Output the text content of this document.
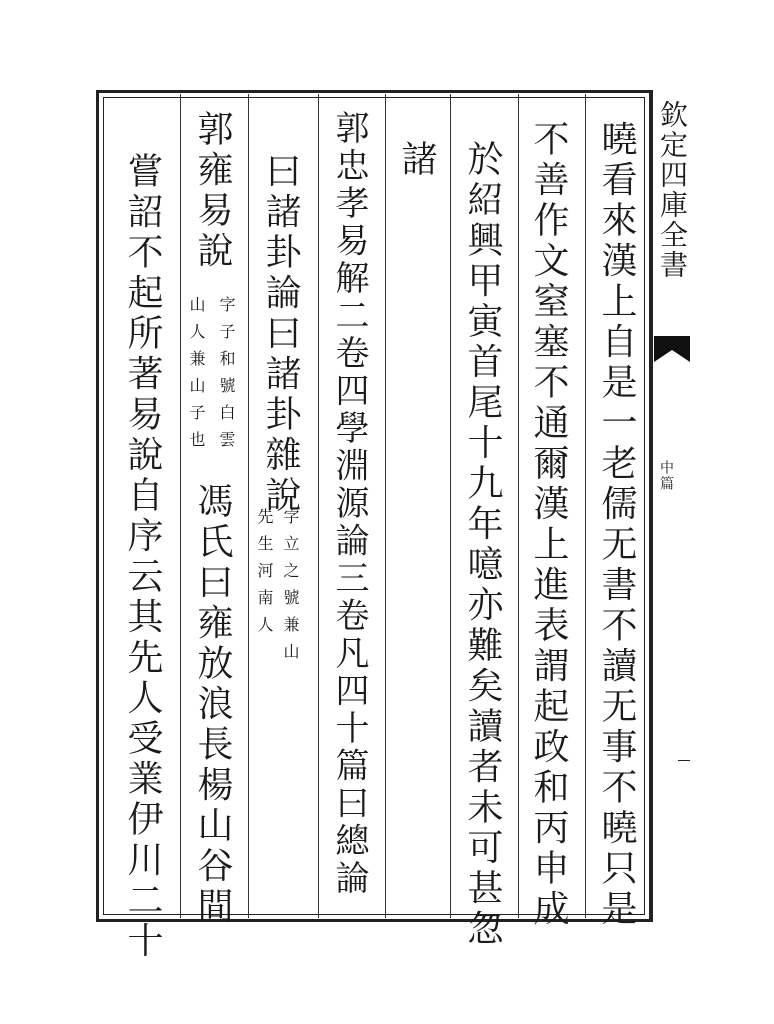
欽定四庫全書
中篇
曉看來漢上自是一老儒无書不讀无事不曉只是
不善作文窒塞不通爾漢上進表謂起政和丙申成
於紹興甲寅首尾十九年噫亦難矣讀者未可甚忽
諸
郭忠孝易解二卷四學淵源論三卷凡四十篇曰總論
曰諸卦論曰諸卦雜說
字立之號兼山
先生河南人
郭雍易說
字子和號白雲
山人兼山子也
馮氏曰雍放浪長楊山谷間
嘗詔不起所著易說自序云其先人受業伊川二十
